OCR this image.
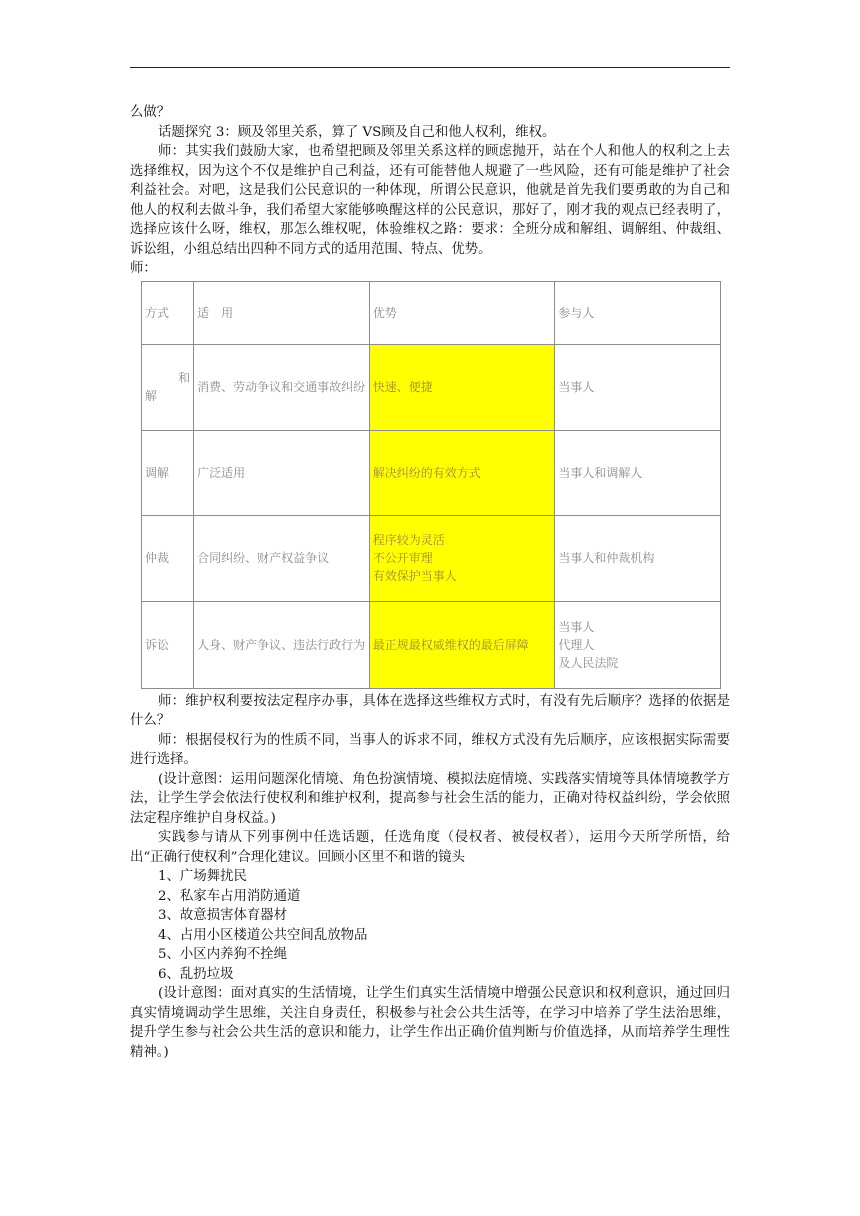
么做？

话题探究 3：顾及邻里关系，算了 VS顾及自己和他人权利，维权。

师：其实我们鼓励大家，也希望把顾及邻里关系这样的顾虑抛开，站在个人和他人的权利之上去选择维权，因为这个不仅是维护自己利益，还有可能替他人规避了一些风险，还有可能是维护了社会利益社会。对吧，这是我们公民意识的一种体现，所谓公民意识，他就是首先我们要勇敢的为自己和他人的权利去做斗争，我们希望大家能够唤醒这样的公民意识，那好了，刚才我的观点已经表明了，选择应该什么呀，维权，那怎么维权呢，体验维权之路：要求：全班分成和解组、调解组、仲裁组、诉讼组，小组总结出四种不同方式的适用范围、特点、优势。

师：

方式	适　用	优势	参与人

和
解	消费、劳动争议和交通事故纠纷	快速、便捷	当事人

调解	广泛适用	解决纠纷的有效方式	当事人和调解人

仲裁	合同纠纷、财产权益争议	程序较为灵活
不公开审理
有效保护当事人	当事人和仲裁机构

诉讼	人身、财产争议、违法行政行为	最正规最权威维权的最后屏障	当事人
代理人
及人民法院

师：维护权利要按法定程序办事，具体在选择这些维权方式时，有没有先后顺序？选择的依据是什么？

师：根据侵权行为的性质不同，当事人的诉求不同，维权方式没有先后顺序，应该根据实际需要进行选择。

(设计意图：运用问题深化情境、角色扮演情境、模拟法庭情境、实践落实情境等具体情境教学方法，让学生学会依法行使权利和维护权利，提高参与社会生活的能力，正确对待权益纠纷，学会依照法定程序维护自身权益。)

实践参与请从下列事例中任选话题，任选角度（侵权者、被侵权者），运用今天所学所悟，给出“正确行使权利”合理化建议。回顾小区里不和谐的镜头

1、广场舞扰民

2、私家车占用消防通道

3、故意损害体育器材

4、占用小区楼道公共空间乱放物品

5、小区内养狗不拴绳

6、乱扔垃圾

(设计意图：面对真实的生活情境，让学生们真实生活情境中增强公民意识和权利意识，通过回归真实情境调动学生思维，关注自身责任，积极参与社会公共生活等，在学习中培养了学生法治思维，提升学生参与社会公共生活的意识和能力，让学生作出正确价值判断与价值选择，从而培养学生理性精神。)
